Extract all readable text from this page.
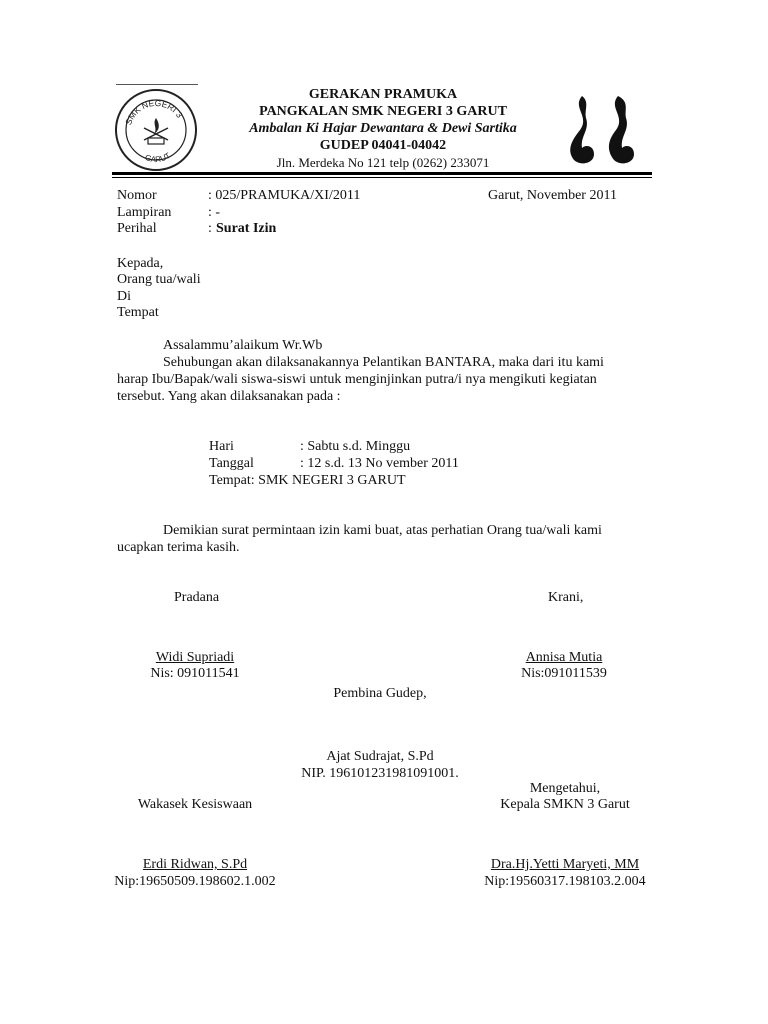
SMK NEGERI 3
GARUT
GERAKAN PRAMUKA
PANGKALAN SMK NEGERI 3 GARUT
Ambalan Ki Hajar Dewantara & Dewi Sartika
GUDEP 04041-04042
Jln. Merdeka No 121 telp (0262) 233071
Nomor	: 025/PRAMUKA/XI/2011	Garut, November 2011
Lampiran	: -
Perihal	: Surat Izin
Kepada,
Orang tua/wali
Di
Tempat
Assalammu’alaikum Wr.Wb
Sehubungan akan dilaksanakannya Pelantikan BANTARA, maka dari itu kami
harap Ibu/Bapak/wali siswa-siswi untuk menginjinkan putra/i nya mengikuti kegiatan
tersebut. Yang akan dilaksanakan pada :
Hari	: Sabtu s.d. Minggu
Tanggal	: 12 s.d. 13 No vember 2011
Tempat: SMK NEGERI 3 GARUT
Demikian surat permintaan izin kami buat, atas perhatian Orang tua/wali kami
ucapkan terima kasih.
Pradana	Krani,
Widi Supriadi
Nis: 091011541
Annisa Mutia
Nis:091011539
Pembina Gudep,
Ajat Sudrajat, S.Pd
NIP. 196101231981091001.
Mengetahui,
Wakasek Kesiswaan	Kepala SMKN 3 Garut
Erdi Ridwan, S.Pd
Nip:19650509.198602.1.002
Dra.Hj.Yetti Maryeti, MM
Nip:19560317.198103.2.004
